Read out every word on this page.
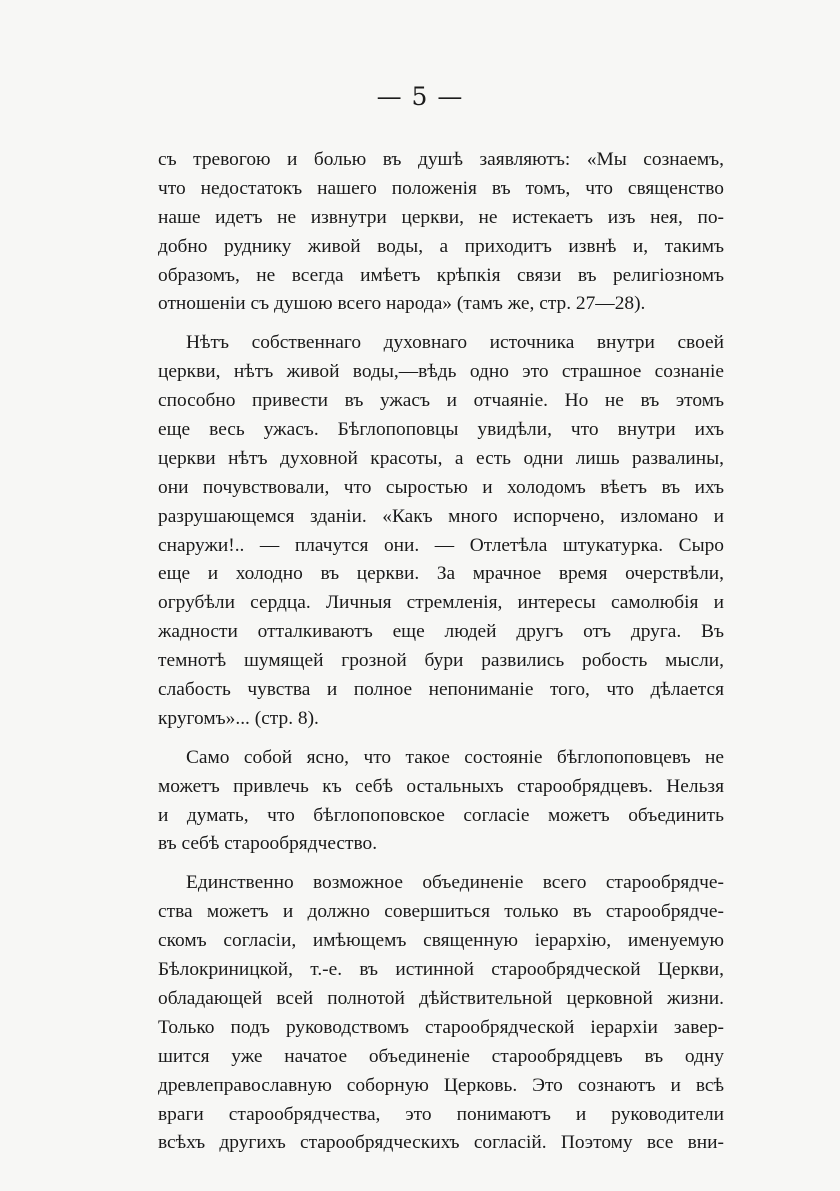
— 5 —

съ тревогою и болью въ душѣ заявляютъ: «Мы сознаемъ,
что недостатокъ нашего положенія въ томъ, что священство
наше идетъ не извнутри церкви, не истекаетъ изъ нея, по-
добно руднику живой воды, а приходитъ извнѣ и, такимъ
образомъ, не всегда имѣетъ крѣпкія связи въ религіозномъ
отношеніи съ душою всего народа» (тамъ же, стр. 27—28).

Нѣтъ собственнаго духовнаго источника внутри своей
церкви, нѣтъ живой воды,—вѣдь одно это страшное сознаніе
способно привести въ ужасъ и отчаяніе. Но не въ этомъ
еще весь ужасъ. Бѣглопоповцы увидѣли, что внутри ихъ
церкви нѣтъ духовной красоты, а есть одни лишь развалины,
они почувствовали, что сыростью и холодомъ вѣетъ въ ихъ
разрушающемся зданіи. «Какъ много испорчено, изломано и
снаружи!.. — плачутся они. — Отлетѣла штукатурка. Сыро
еще и холодно въ церкви. За мрачное время очерствѣли,
огрубѣли сердца. Личныя стремленія, интересы самолюбія и
жадности отталкиваютъ еще людей другъ отъ друга. Въ
темнотѣ шумящей грозной бури развились робость мысли,
слабость чувства и полное непониманіе того, что дѣлается
кругомъ»... (стр. 8).

Само собой ясно, что такое состояніе бѣглопоповцевъ не
можетъ привлечь къ себѣ остальныхъ старообрядцевъ. Нельзя
и думать, что бѣглопоповское согласіе можетъ объединить
въ себѣ старообрядчество.

Единственно возможное объединеніе всего старообрядче-
ства можетъ и должно совершиться только въ старообрядче-
скомъ согласіи, имѣющемъ священную іерархію, именуемую
Бѣлокриницкой, т.-е. въ истинной старообрядческой Церкви,
обладающей всей полнотой дѣйствительной церковной жизни.
Только подъ руководствомъ старообрядческой іерархіи завер-
шится уже начатое объединеніе старообрядцевъ въ одну
древлеправославную соборную Церковь. Это сознаютъ и всѣ
враги старообрядчества, это понимаютъ и руководители
всѣхъ другихъ старообрядческихъ согласій. Поэтому все вни-
